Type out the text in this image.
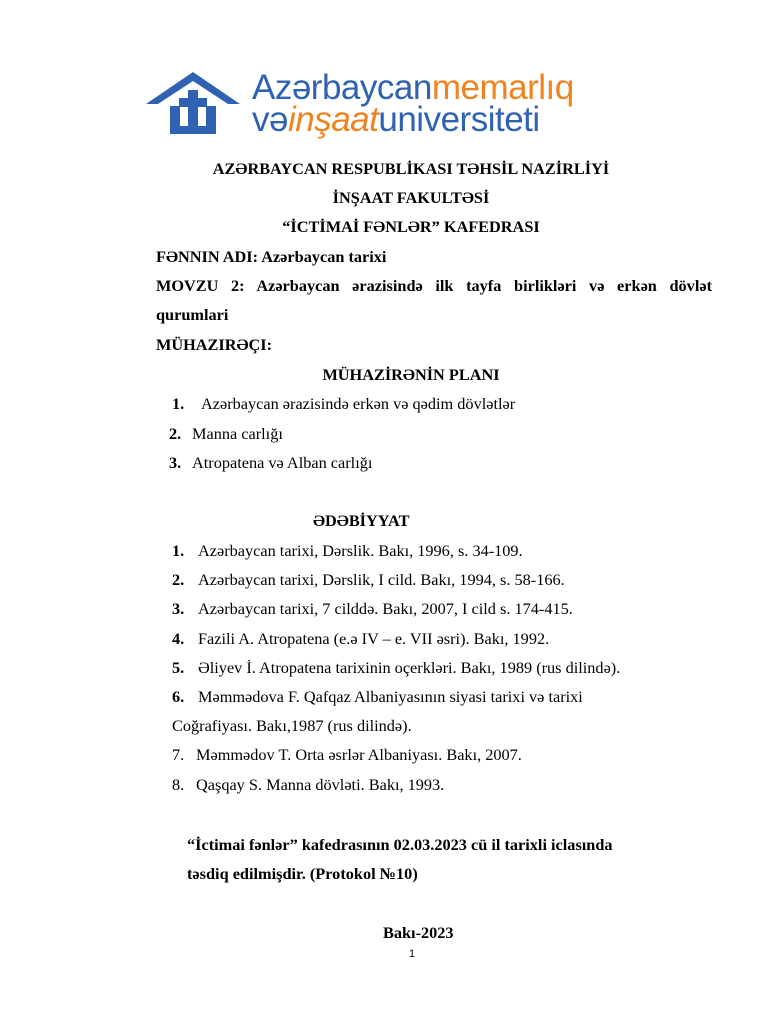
Azərbaycanmemarlıq
vəinşaatuniversiteti
AZƏRBAYCAN RESPUBLİKASI TƏHSİL NAZİRLİYİ
İNŞAAT FAKULTƏSİ
“İCTİMAİ FƏNLƏR” KAFEDRASI
FƏNNIN ADI: Azərbaycan tarixi
MOVZU 2: Azərbaycan ərazisində ilk tayfa birlikləri və erkən dövlət
qurumlari
MÜHAZIRƏÇI:
MÜHAZİRƏNİN PLANI
1. Azərbaycan ərazisində erkən və qədim dövlətlər
2. Manna carlığı
3. Atropatena və Alban carlığı
ƏDƏBİYYAT
1. Azərbaycan tarixi, Dərslik. Bakı, 1996, s. 34-109.
2. Azərbaycan tarixi, Dərslik, I cild. Bakı, 1994, s. 58-166.
3. Azərbaycan tarixi, 7 cilddə. Bakı, 2007, I cild s. 174-415.
4. Fazili A. Atropatena (e.ə IV – e. VII əsri). Bakı, 1992.
5. Əliyev İ. Atropatena tarixinin oçerkləri. Bakı, 1989 (rus dilində).
6. Məmmədova F. Qafqaz Albaniyasının siyasi tarixi və tarixi
Coğrafiyası. Bakı,1987 (rus dilində).
7. Məmmədov T. Orta əsrlər Albaniyası. Bakı, 2007.
8. Qaşqay S. Manna dövləti. Bakı, 1993.
“İctimai fənlər” kafedrasının 02.03.2023 cü il tarixli iclasında
təsdiq edilmişdir. (Protokol №10)
Bakı-2023
1
